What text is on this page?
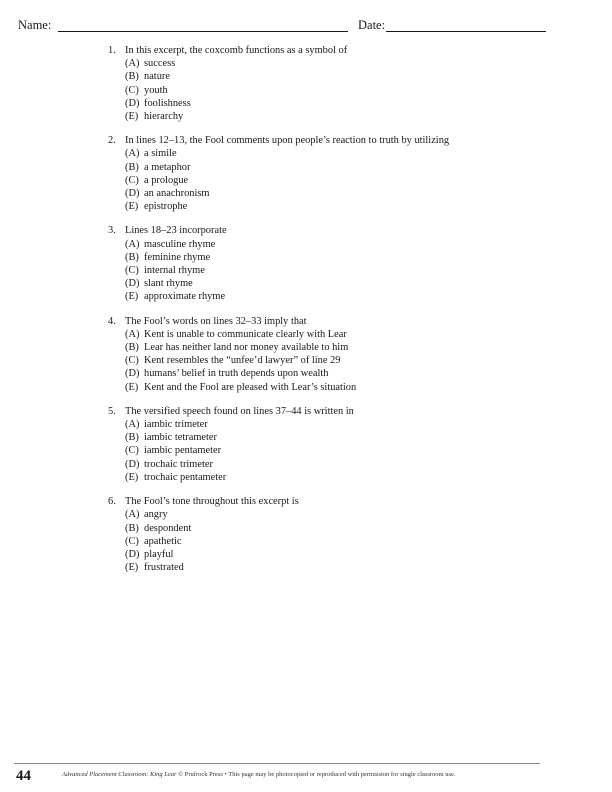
Name:	Date:
1. In this excerpt, the coxcomb functions as a symbol of
(A) success
(B) nature
(C) youth
(D) foolishness
(E) hierarchy
2. In lines 12–13, the Fool comments upon people’s reaction to truth by utilizing
(A) a simile
(B) a metaphor
(C) a prologue
(D) an anachronism
(E) epistrophe
3. Lines 18–23 incorporate
(A) masculine rhyme
(B) feminine rhyme
(C) internal rhyme
(D) slant rhyme
(E) approximate rhyme
4. The Fool’s words on lines 32–33 imply that
(A) Kent is unable to communicate clearly with Lear
(B) Lear has neither land nor money available to him
(C) Kent resembles the “unfee’d lawyer” of line 29
(D) humans’ belief in truth depends upon wealth
(E) Kent and the Fool are pleased with Lear’s situation
5. The versified speech found on lines 37–44 is written in
(A) iambic trimeter
(B) iambic tetrameter
(C) iambic pentameter
(D) trochaic trimeter
(E) trochaic pentameter
6. The Fool’s tone throughout this excerpt is
(A) angry
(B) despondent
(C) apathetic
(D) playful
(E) frustrated
44	Advanced Placement Classroom: King Lear © Prufrock Press • This page may be photocopied or reproduced with permission for single classroom use.
